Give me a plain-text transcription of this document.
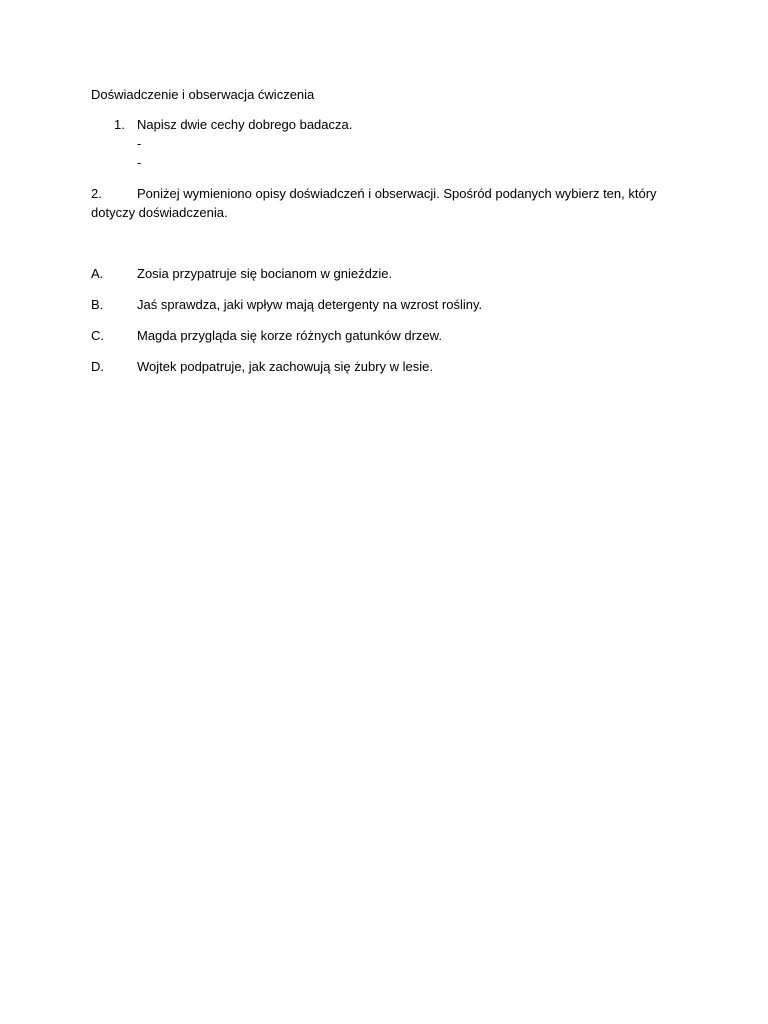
Doświadczenie i obserwacja ćwiczenia
1. Napisz dwie cechy dobrego badacza.
-
-
2.	Poniżej wymieniono opisy doświadczeń i obserwacji. Spośród podanych wybierz ten, który dotyczy doświadczenia.
A.	Zosia przypatruje się bocianom w gnieździe.
B.	Jaś sprawdza, jaki wpływ mają detergenty na wzrost rośliny.
C.	Magda przygląda się korze różnych gatunków drzew.
D.	Wojtek podpatruje, jak zachowują się żubry w lesie.
